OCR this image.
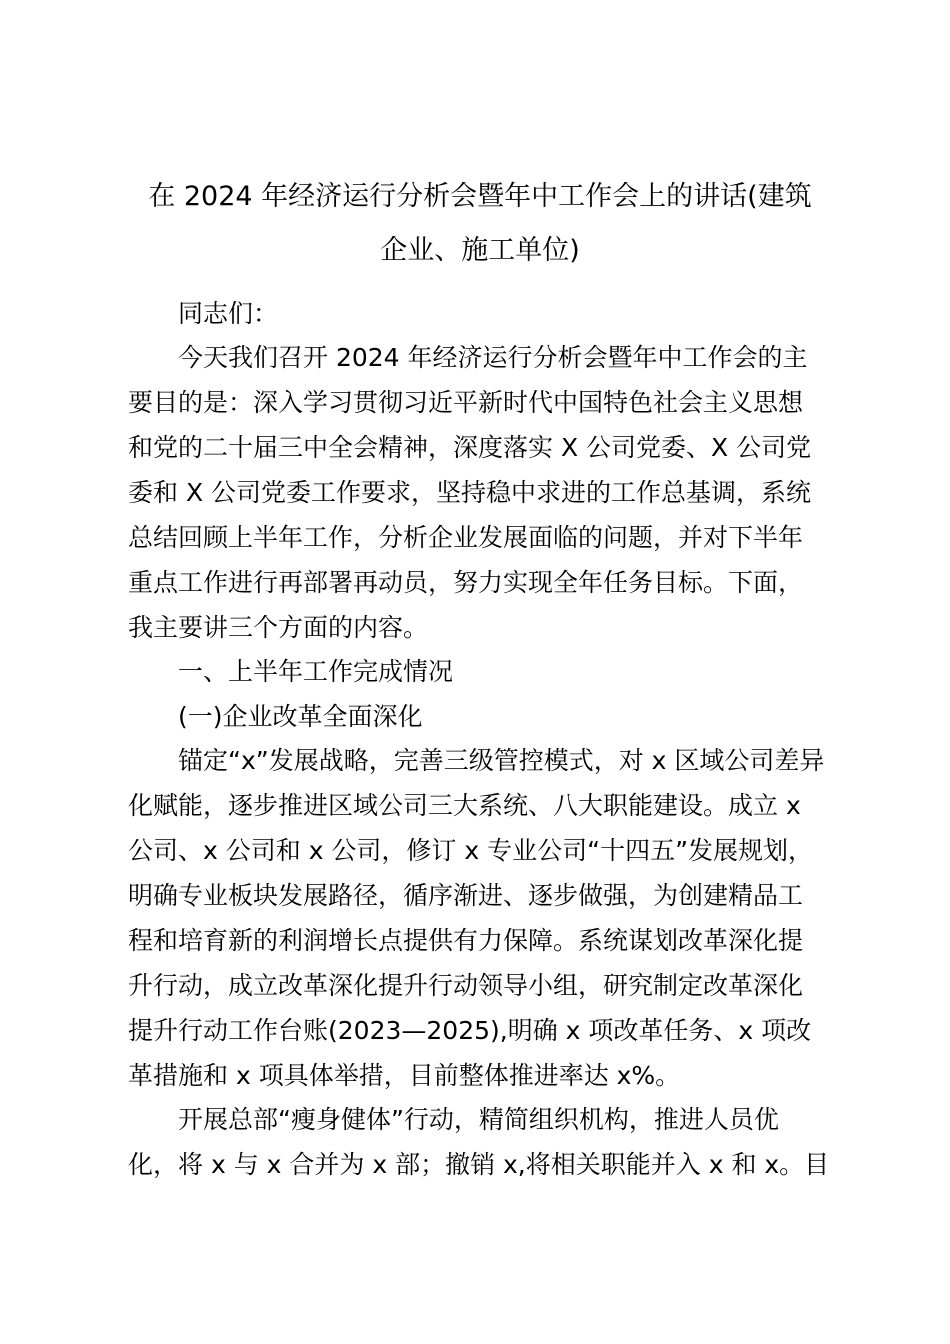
在 2024 年经济运行分析会暨年中工作会上的讲话(建筑
企业、施工单位)
同志们：
今天我们召开 2024 年经济运行分析会暨年中工作会的主
要目的是：深入学习贯彻习近平新时代中国特色社会主义思想
和党的二十届三中全会精神，深度落实 X 公司党委、X 公司党
委和 X 公司党委工作要求，坚持稳中求进的工作总基调，系统
总结回顾上半年工作，分析企业发展面临的问题，并对下半年
重点工作进行再部署再动员，努力实现全年任务目标。下面，
我主要讲三个方面的内容。
一、上半年工作完成情况
(一)企业改革全面深化
锚定“x”发展战略，完善三级管控模式，对 x 区域公司差异
化赋能，逐步推进区域公司三大系统、八大职能建设。成立 x
公司、x 公司和 x 公司，修订 x 专业公司“十四五”发展规划，
明确专业板块发展路径，循序渐进、逐步做强，为创建精品工
程和培育新的利润增长点提供有力保障。系统谋划改革深化提
升行动，成立改革深化提升行动领导小组，研究制定改革深化
提升行动工作台账(2023—2025),明确 x 项改革任务、x 项改
革措施和 x 项具体举措，目前整体推进率达 x%。
开展总部“瘦身健体”行动，精简组织机构，推进人员优
化，将 x 与 x 合并为 x 部；撤销 x,将相关职能并入 x 和 x。目
